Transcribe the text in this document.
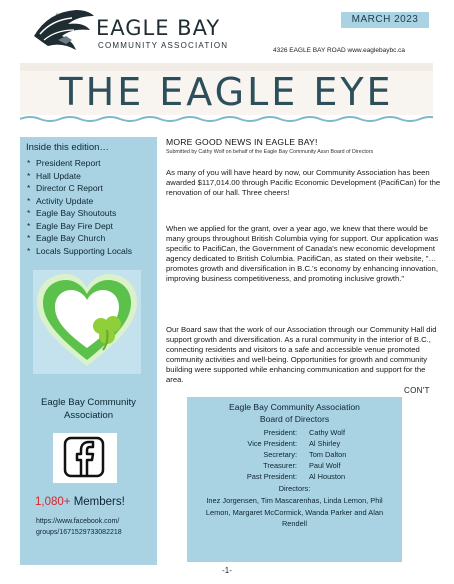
EST 1983
EAGLE BAY
COMMUNITY ASSOCIATION
MARCH 2023
4326 EAGLE BAY ROAD www.eaglebaybc.ca
THE EAGLE EYE
Inside this edition…
* President Report
* Hall Update
* Director C Report
* Activity Update
* Eagle Bay Shoutouts
* Eagle Bay Fire Dept
* Eagle Bay Church
* Locals Supporting Locals
Eagle Bay Community
Association
1,080+ Members!
https://www.facebook.com/
groups/1671529733082218
MORE GOOD NEWS IN EAGLE BAY!
Submitted by Cathy Wolf on behalf of the Eagle Bay Community Assn Board of Directors

As many of you will have heard by now, our Community Association has been awarded $117,014.00 through Pacific Economic Development (PacifiCan) for the renovation of our hall. Three cheers!

When we applied for the grant, over a year ago, we knew that there would be many groups throughout British Columbia vying for support. Our application was specific to PacifiCan, the Government of Canada's new economic development agency dedicated to British Columbia. PacifiCan, as stated on their website, "…promotes growth and diversification in B.C.'s economy by enhancing innovation, improving business competitiveness, and promoting inclusive growth."

Our Board saw that the work of our Association through our Community Hall did support growth and diversification. As a rural community in the interior of B.C., connecting residents and visitors to a safe and accessible venue promoted community activities and well-being. Opportunities for growth and community building were supported while enhancing communication and support for the area.

CON'T
Eagle Bay Community Association
Board of Directors
President: Cathy Wolf
Vice President: Al Shirley
Secretary: Tom Dalton
Treasurer: Paul Wolf
Past President: Al Houston
Directors:
Inez Jorgensen, Tim Mascarenhas, Linda Lemon, Phil Lemon, Margaret McCormick, Wanda Parker and Alan Rendell
-1-
